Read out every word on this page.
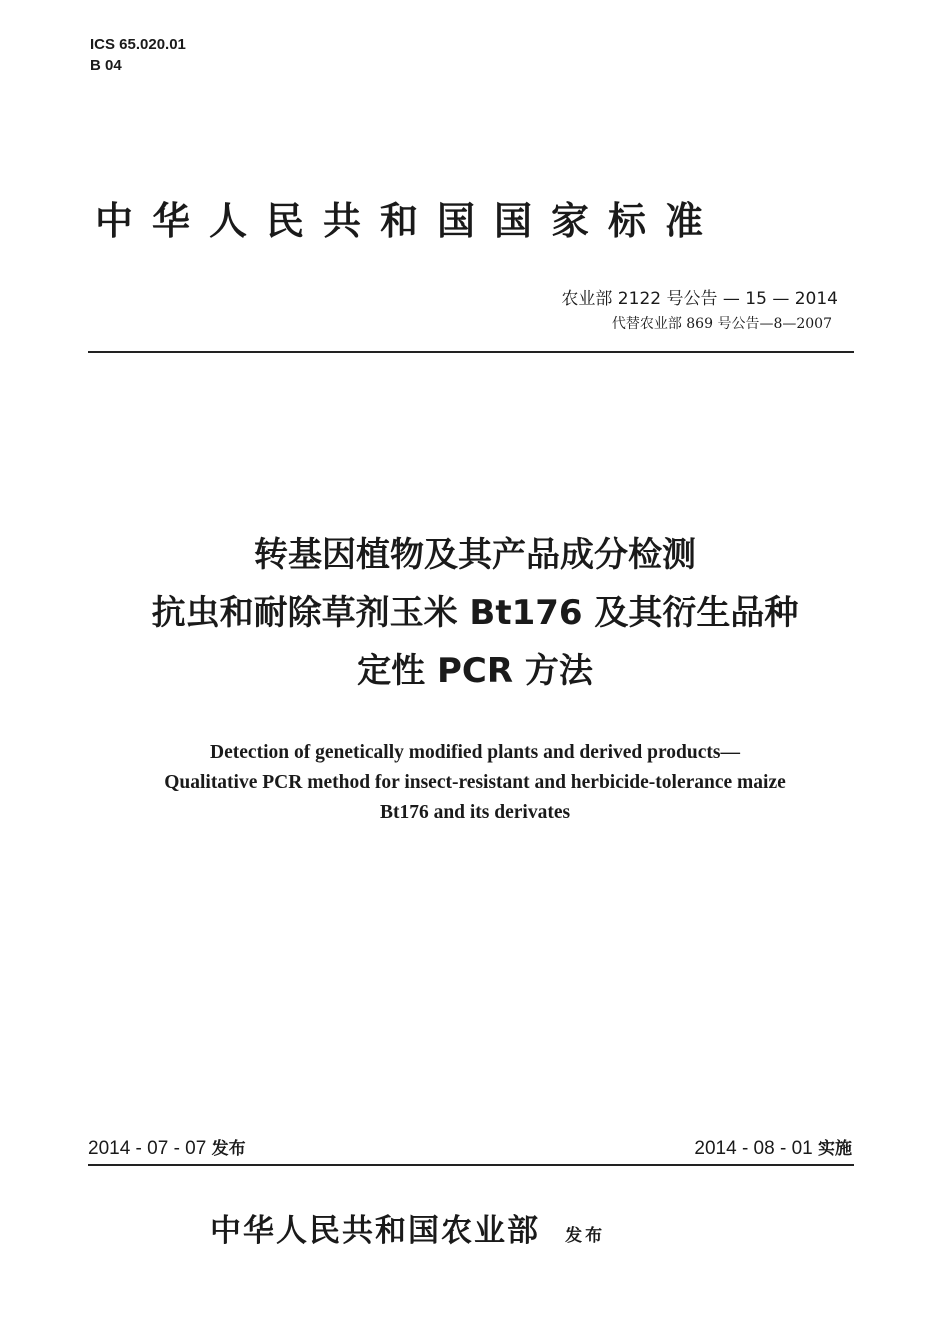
ICS 65.020.01
B 04
中华人民共和国国家标准
农业部 2122 号公告 — 15 — 2014
代替农业部 869 号公告—8—2007
转基因植物及其产品成分检测
抗虫和耐除草剂玉米 Bt176 及其衍生品种
定性 PCR 方法
Detection of genetically modified plants and derived products—
Qualitative PCR method for insect-resistant and herbicide-tolerance maize
Bt176 and its derivates
2014 - 07 - 07 发布	2014 - 08 - 01 实施
中华人民共和国农业部 发布
